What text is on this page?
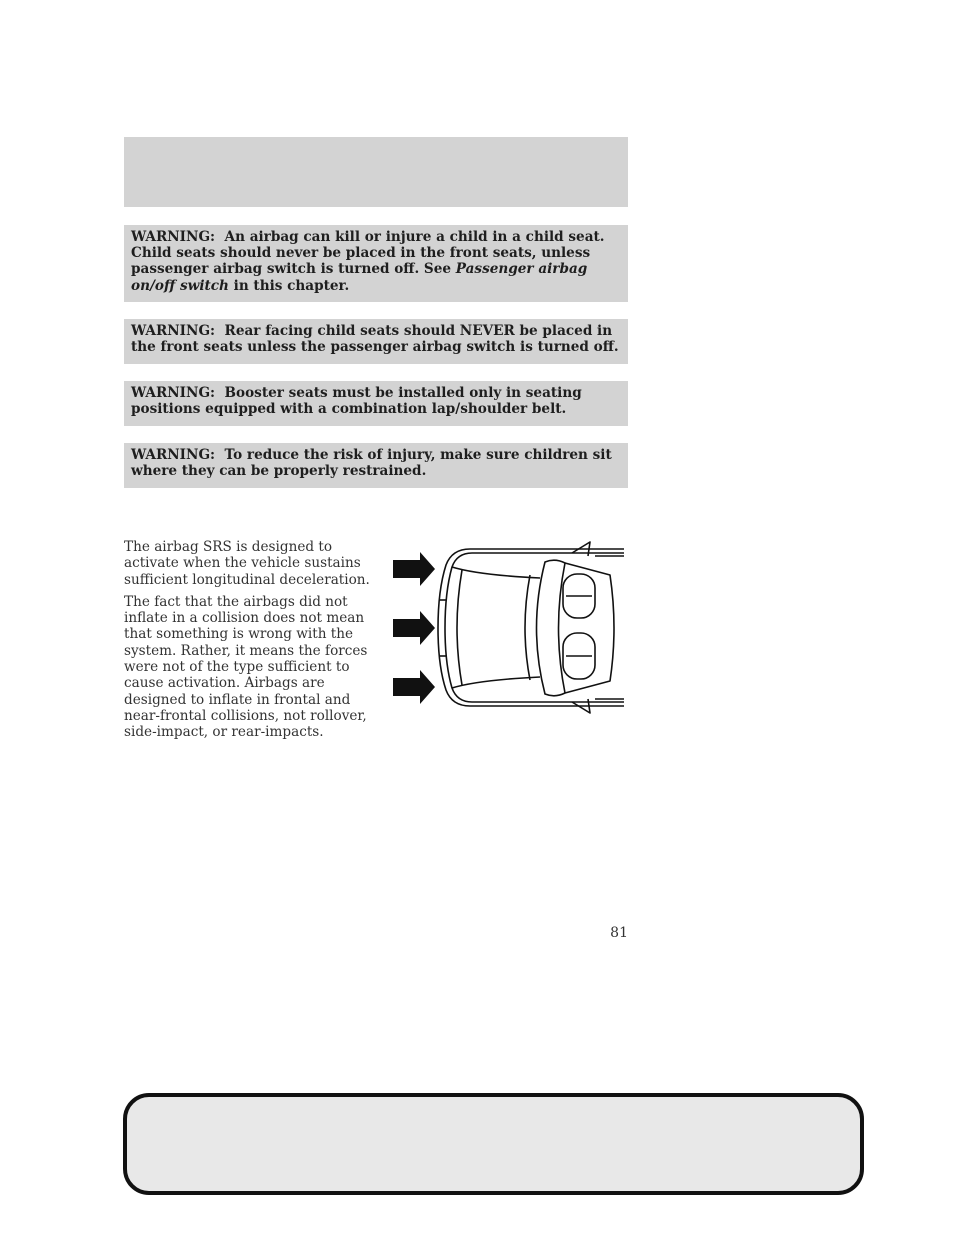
WARNING:  An airbag can kill or injure a child in a child seat. Child seats should never be placed in the front seats, unless passenger airbag switch is turned off. See Passenger airbag on/off switch in this chapter.
WARNING:  Rear facing child seats should NEVER be placed in the front seats unless the passenger airbag switch is turned off.
WARNING:  Booster seats must be installed only in seating positions equipped with a combination lap/shoulder belt.
WARNING:  To reduce the risk of injury, make sure children sit where they can be properly restrained.

The airbag SRS is designed to activate when the vehicle sustains sufficient longitudinal deceleration.

The fact that the airbags did not inflate in a collision does not mean that something is wrong with the system. Rather, it means the forces were not of the type sufficient to cause activation. Airbags are designed to inflate in frontal and near-frontal collisions, not rollover, side-impact, or rear-impacts.

81
